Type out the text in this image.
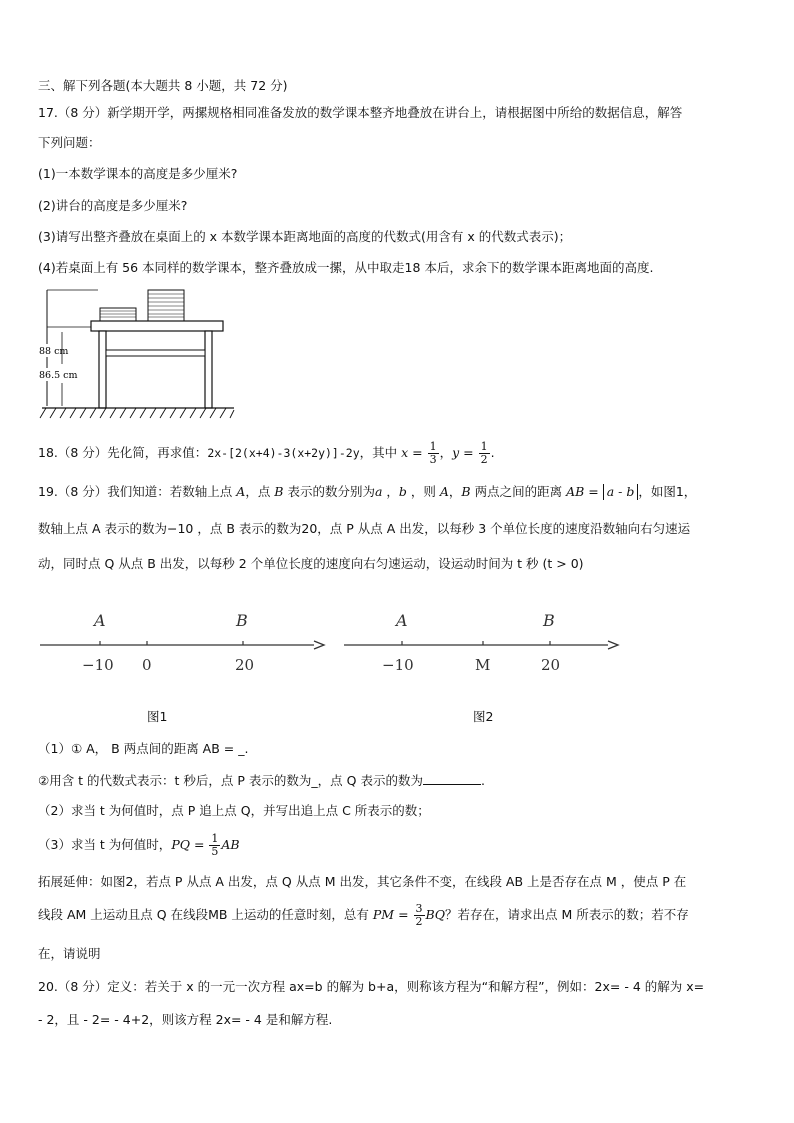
三、解下列各题(本大题共 8 小题，共 72 分)
17.（8 分）新学期开学，两摞规格相同准备发放的数学课本整齐地叠放在讲台上，请根据图中所给的数据信息，解答
下列问题：
(1)一本数学课本的高度是多少厘米?
(2)讲台的高度是多少厘米?
(3)请写出整齐叠放在桌面上的 x 本数学课本距离地面的高度的代数式(用含有 x 的代数式表示)；
(4)若桌面上有 56 本同样的数学课本，整齐叠放成一摞，从中取走18 本后，求余下的数学课本距离地面的高度.
88 cm
86.5 cm
18.（8 分）先化简，再求值：2x-[2(x+4)-3(x+2y)]-2y，其中 $x = \frac{1}{3}$ ，$y = \frac{1}{2}$ .
19.（8 分）我们知道：若数轴上点 A，点 B 表示的数分别为a ，b ，则 A，B 两点之间的距离 AB = a - b ，如图1，
数轴上点 A 表示的数为−10 ，点 B 表示的数为20，点 P 从点 A 出发，以每秒 3 个单位长度的速度沿数轴向右匀速运
动，同时点 Q 从点 B 出发，以每秒 2 个单位长度的速度向右匀速运动，设运动时间为 t 秒 (t > 0)
A	B
−10 0	20
A	B
−10	M	20
图1	图2
（1）① A， B 两点间的距离 AB = _.
②用含 t 的代数式表示：t 秒后，点 P 表示的数为_，点 Q 表示的数为	.
（2）求当 t 为何值时，点 P 追上点 Q，并写出追上点 C 所表示的数；
（3）求当 t 为何值时，PQ = $\frac{1}{5}$ AB
拓展延伸：如图2，若点 P 从点 A 出发，点 Q 从点 M 出发，其它条件不变，在线段 AB 上是否存在点 M ，使点 P 在
线段 AM 上运动且点 Q 在线段MB 上运动的任意时刻，总有 PM = $\frac{3}{2}$ BQ？若存在，请求出点 M 所表示的数；若不存
在，请说明
20.（8 分）定义：若关于 x 的一元一次方程 ax=b 的解为 b+a，则称该方程为“和解方程”，例如：2x= - 4 的解为 x=
- 2，且 - 2= - 4+2，则该方程 2x= - 4 是和解方程.
